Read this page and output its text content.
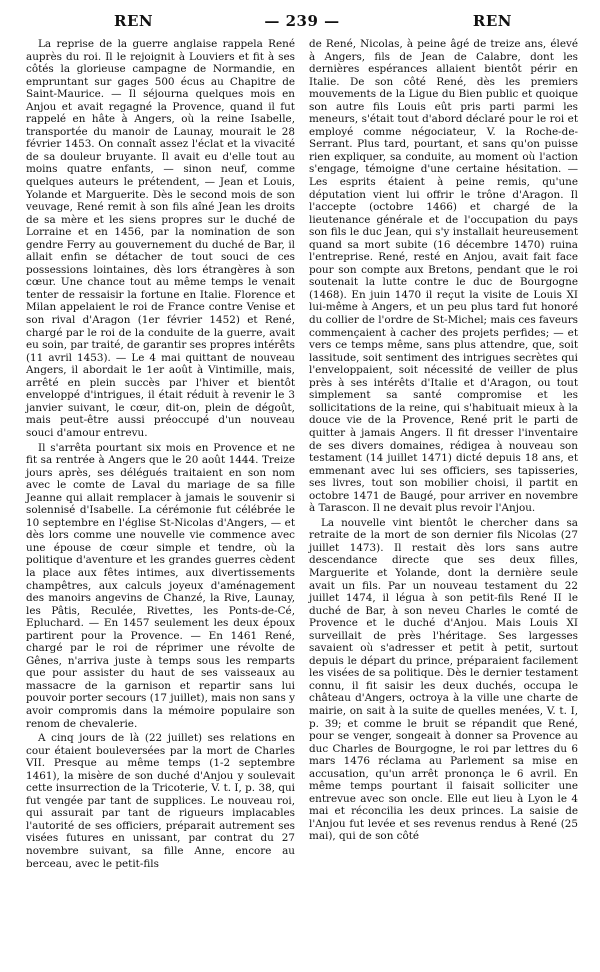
REN	— 239 —	REN

La reprise de la guerre anglaise rappela René auprès du roi. Il le rejoignit à Louviers et fit à ses côtés la glorieuse campagne de Normandie, en empruntant sur gages 500 écus au Chapitre de Saint-Maurice. — Il séjourna quelques mois en Anjou et avait regagné la Provence, quand il fut rappelé en hâte à Angers, où la reine Isabelle, transportée du manoir de Launay, mourait le 28 février 1453. On connaît assez l'éclat et la vivacité de sa douleur bruyante. Il avait eu d'elle tout au moins quatre enfants, — sinon neuf, comme quelques auteurs le prétendent, — Jean et Louis, Yolande et Marguerite. Dès le second mois de son veuvage, René remit à son fils aîné Jean les droits de sa mère et les siens propres sur le duché de Lorraine et en 1456, par la nomination de son gendre Ferry au gouvernement du duché de Bar, il allait enfin se détacher de tout souci de ces possessions lointaines, dès lors étrangères à son cœur. Une chance tout au même temps le venait tenter de ressaisir la fortune en Italie. Florence et Milan appelaient le roi de France contre Venise et son rival d'Aragon (1er février 1452) et René, chargé par le roi de la conduite de la guerre, avait eu soin, par traité, de garantir ses propres intérêts (11 avril 1453). — Le 4 mai quittant de nouveau Angers, il abordait le 1er août à Vintimille, mais, arrêté en plein succès par l'hiver et bientôt enveloppé d'intrigues, il était réduit à revenir le 3 janvier suivant, le cœur, dit-on, plein de dégoût, mais peut-être aussi préoccupé d'un nouveau souci d'amour entrevu.

Il s'arrêta pourtant six mois en Provence et ne fit sa rentrée à Angers que le 20 août 1444. Treize jours après, ses délégués traitaient en son nom avec le comte de Laval du mariage de sa fille Jeanne qui allait remplacer à jamais le souvenir si solennisé d'Isabelle. La cérémonie fut célébrée le 10 septembre en l'église St-Nicolas d'Angers, — et dès lors comme une nouvelle vie commence avec une épouse de cœur simple et tendre, où la politique d'aventure et les grandes guerres cèdent la place aux fêtes intimes, aux divertissements champêtres, aux calculs joyeux d'aménagement des manoirs angevins de Chanzé, la Rive, Launay, les Pâtis, Reculée, Rivettes, les Ponts-de-Cé, Epluchard. — En 1457 seulement les deux époux partirent pour la Provence. — En 1461 René, chargé par le roi de réprimer une révolte de Gênes, n'arriva juste à temps sous les remparts que pour assister du haut de ses vaisseaux au massacre de la garnison et repartir sans lui pouvoir porter secours (17 juillet), mais non sans y avoir compromis dans la mémoire populaire son renom de chevalerie.

A cinq jours de là (22 juillet) ses relations en cour étaient bouleversées par la mort de Charles VII. Presque au même temps (1-2 septembre 1461), la misère de son duché d'Anjou y soulevait cette insurrection de la Tricoterie, V. t. I, p. 38, qui fut vengée par tant de supplices. Le nouveau roi, qui assurait par tant de rigueurs implacables l'autorité de ses officiers, préparait autrement ses visées futures en unissant, par contrat du 27 novembre suivant, sa fille Anne, encore au berceau, avec le petit-fils

de René, Nicolas, à peine âgé de treize ans, élevé à Angers, fils de Jean de Calabre, dont les dernières espérances allaient bientôt périr en Italie. De son côté René, dès les premiers mouvements de la Ligue du Bien public et quoique son autre fils Louis eût pris parti parmi les meneurs, s'était tout d'abord déclaré pour le roi et employé comme négociateur, V. la Roche-de-Serrant. Plus tard, pourtant, et sans qu'on puisse rien expliquer, sa conduite, au moment où l'action s'engage, témoigne d'une certaine hésitation. — Les esprits étaient à peine remis, qu'une députation vient lui offrir le trône d'Aragon. Il l'accepte (octobre 1466) et chargé de la lieutenance générale et de l'occupation du pays son fils le duc Jean, qui s'y installait heureusement quand sa mort subite (16 décembre 1470) ruina l'entreprise. René, resté en Anjou, avait fait face pour son compte aux Bretons, pendant que le roi soutenait la lutte contre le duc de Bourgogne (1468). En juin 1470 il reçut la visite de Louis XI lui-même à Angers, et un peu plus tard fut honoré du collier de l'ordre de St-Michel; mais ces faveurs commençaient à cacher des projets perfides; — et vers ce temps même, sans plus attendre, que, soit lassitude, soit sentiment des intrigues secrètes qui l'enveloppaient, soit nécessité de veiller de plus près à ses intérêts d'Italie et d'Aragon, ou tout simplement sa santé compromise et les sollicitations de la reine, qui s'habituait mieux à la douce vie de la Provence, René prit le parti de quitter à jamais Angers. Il fit dresser l'inventaire de ses divers domaines, rédigea à nouveau son testament (14 juillet 1471) dicté depuis 18 ans, et emmenant avec lui ses officiers, ses tapisseries, ses livres, tout son mobilier choisi, il partit en octobre 1471 de Baugé, pour arriver en novembre à Tarascon. Il ne devait plus revoir l'Anjou.

La nouvelle vint bientôt le chercher dans sa retraite de la mort de son dernier fils Nicolas (27 juillet 1473). Il restait dès lors sans autre descendance directe que ses deux filles, Marguerite et Yolande, dont la dernière seule avait un fils. Par un nouveau testament du 22 juillet 1474, il légua à son petit-fils René II le duché de Bar, à son neveu Charles le comté de Provence et le duché d'Anjou. Mais Louis XI surveillait de près l'héritage. Ses largesses savaient où s'adresser et petit à petit, surtout depuis le départ du prince, préparaient facilement les visées de sa politique. Dès le dernier testament connu, il fit saisir les deux duchés, occupa le château d'Angers, octroya à la ville une charte de mairie, on sait à la suite de quelles menées, V. t. I, p. 39; et comme le bruit se répandit que René, pour se venger, songeait à donner sa Provence au duc Charles de Bourgogne, le roi par lettres du 6 mars 1476 réclama au Parlement sa mise en accusation, qu'un arrêt prononça le 6 avril. En même temps pourtant il faisait solliciter une entrevue avec son oncle. Elle eut lieu à Lyon le 4 mai et réconcilia les deux princes. La saisie de l'Anjou fut levée et ses revenus rendus à René (25 mai), qui de son côté
